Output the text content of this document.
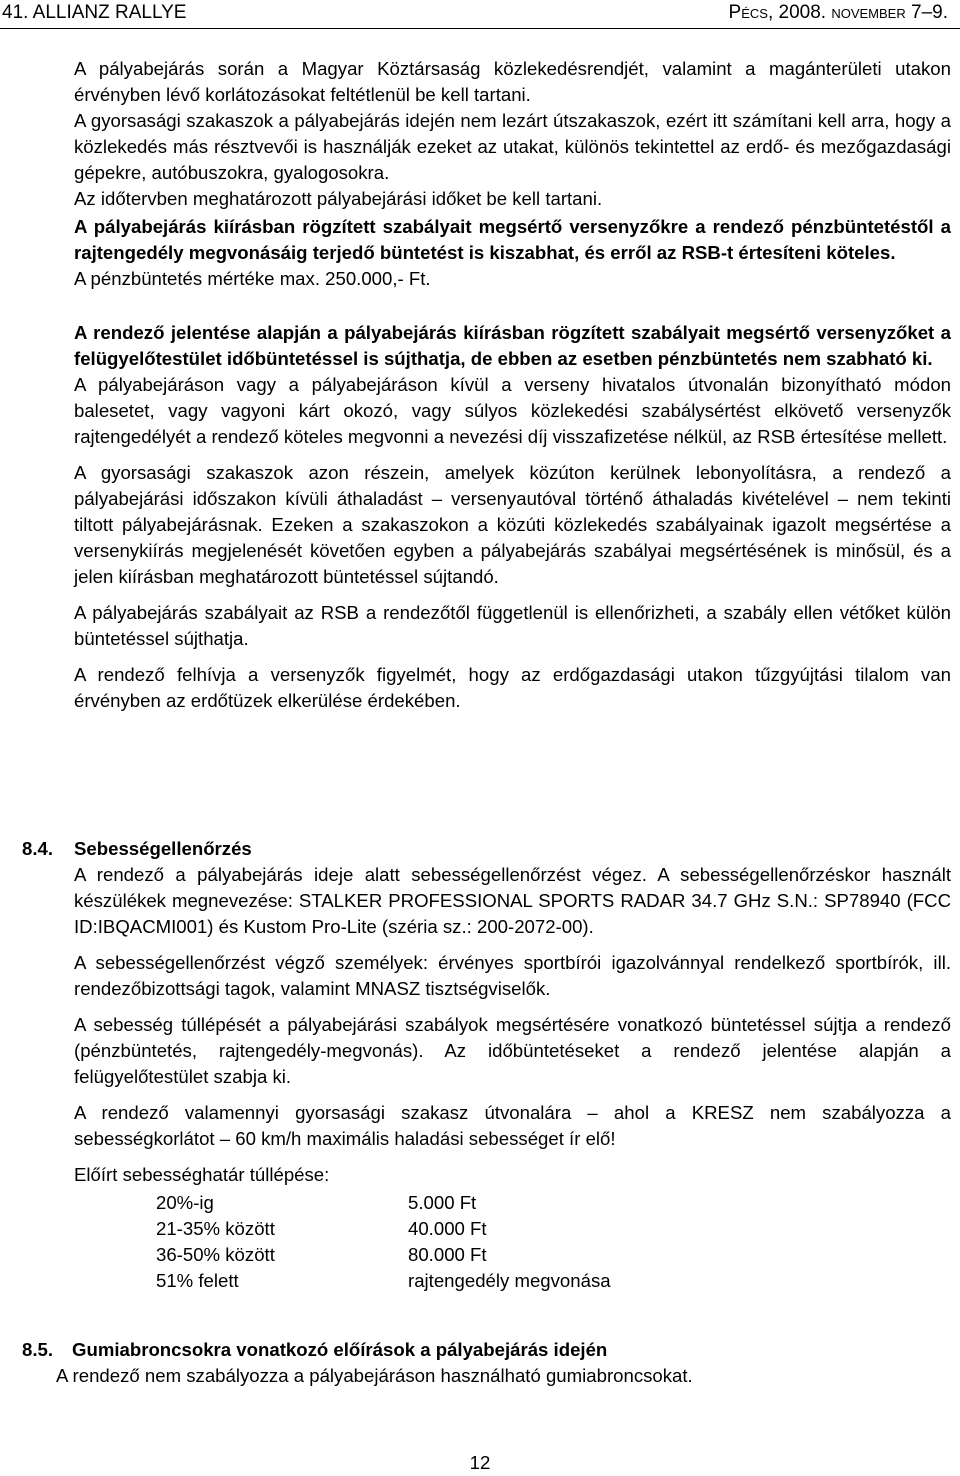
41. ALLIANZ RALLYE	Pécs, 2008. november 7–9.

A pályabejárás során a Magyar Köztársaság közlekedésrendjét, valamint a magánterületi utakon érvényben lévő korlátozásokat feltétlenül be kell tartani.

A gyorsasági szakaszok a pályabejárás idején nem lezárt útszakaszok, ezért itt számítani kell arra, hogy a közlekedés más résztvevői is használják ezeket az utakat, különös tekintettel az erdő- és mezőgazdasági gépekre, autóbuszokra, gyalogosokra.

Az időtervben meghatározott pályabejárási időket be kell tartani.

A pályabejárás kiírásban rögzített szabályait megsértő versenyzőkre a rendező pénzbüntetéstől a rajtengedély megvonásáig terjedő büntetést is kiszabhat, és erről az RSB-t értesíteni köteles.

A pénzbüntetés mértéke max. 250.000,- Ft.

A rendező jelentése alapján a pályabejárás kiírásban rögzített szabályait megsértő versenyzőket a felügyelőtestület időbüntetéssel is sújthatja, de ebben az esetben pénzbüntetés nem szabható ki.

A pályabejáráson vagy a pályabejáráson kívül a verseny hivatalos útvonalán bizonyítható módon balesetet, vagy vagyoni kárt okozó, vagy súlyos közlekedési szabálysértést elkövető versenyzők rajtengedélyét a rendező köteles megvonni a nevezési díj visszafizetése nélkül, az RSB értesítése mellett.

A gyorsasági szakaszok azon részein, amelyek közúton kerülnek lebonyolításra, a rendező a pályabejárási időszakon kívüli áthaladást – versenyautóval történő áthaladás kivételével – nem tekinti tiltott pályabejárásnak. Ezeken a szakaszokon a közúti közlekedés szabályainak igazolt megsértése a versenykiírás megjelenését követően egyben a pályabejárás szabályai megsértésének is minősül, és a jelen kiírásban meghatározott büntetéssel sújtandó.

A pályabejárás szabályait az RSB a rendezőtől függetlenül is ellenőrizheti, a szabály ellen vétőket külön büntetéssel sújthatja.

A rendező felhívja a versenyzők figyelmét, hogy az erdőgazdasági utakon tűzgyújtási tilalom van érvényben az erdőtüzek elkerülése érdekében.

8.4. Sebességellenőrzés

A rendező a pályabejárás ideje alatt sebességellenőrzést végez. A sebességellenőrzéskor használt készülékek megnevezése: STALKER PROFESSIONAL SPORTS RADAR 34.7 GHz S.N.: SP78940 (FCC ID:IBQACMI001) és Kustom Pro-Lite (széria sz.: 200-2072-00).

A sebességellenőrzést végző személyek: érvényes sportbírói igazolvánnyal rendelkező sportbírók, ill. rendezőbizottsági tagok, valamint MNASZ tisztségviselők.

A sebesség túllépését a pályabejárási szabályok megsértésére vonatkozó büntetéssel sújtja a rendező (pénzbüntetés, rajtengedély-megvonás). Az időbüntetéseket a rendező jelentése alapján a felügyelőtestület szabja ki.

A rendező valamennyi gyorsasági szakasz útvonalára – ahol a KRESZ nem szabályozza a sebességkorlátot – 60 km/h maximális haladási sebességet ír elő!

Előírt sebességhatár túllépése:

20%-ig	5.000 Ft
21-35% között	40.000 Ft
36-50% között	80.000 Ft
51% felett	rajtengedély megvonása
8.5. Gumiabroncsokra vonatkozó előírások a pályabejárás idején

A rendező nem szabályozza a pályabejáráson használható gumiabroncsokat.

12
